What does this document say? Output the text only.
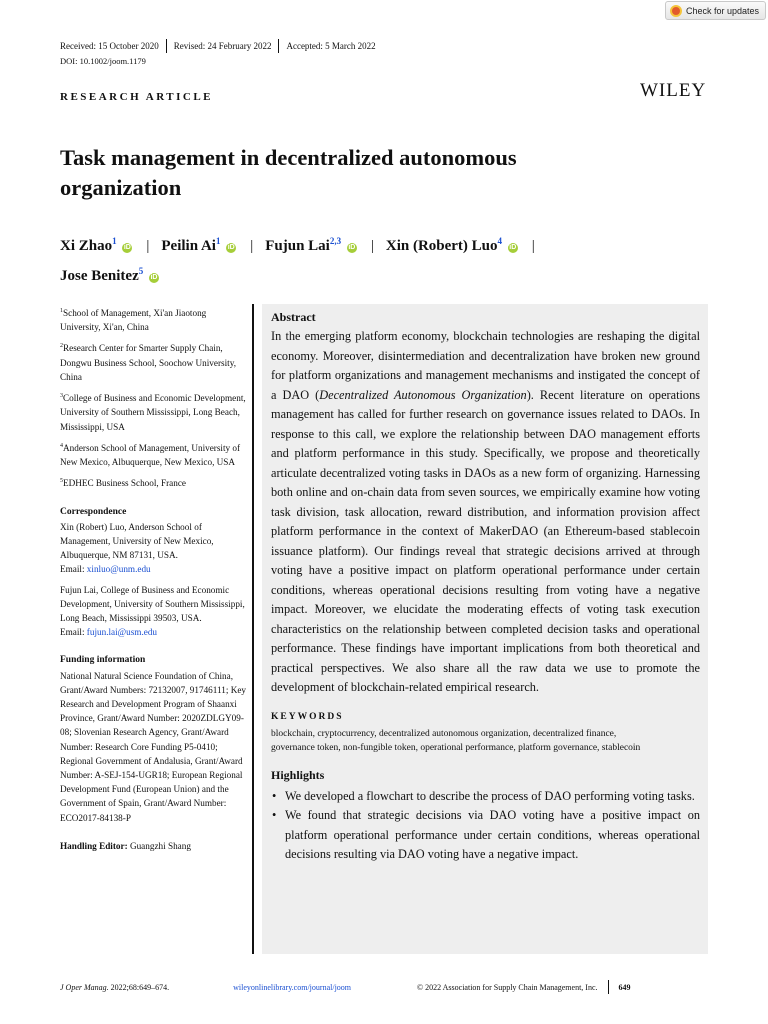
Check for updates
Received: 15 October 2020 Revised: 24 February 2022 Accepted: 5 March 2022
DOI: 10.1002/joom.1179
WILEY
RESEARCH ARTICLE
Task management in decentralized autonomous organization
Xi Zhao$^1$ iD | Peilin Ai$^1$ iD | Fujun Lai$^{2,3}$ iD | Xin (Robert) Luo$^4$ iD |
Jose Benitez$^5$ iD
$^1$School of Management, Xi'an Jiaotong University, Xi'an, China
$^2$Research Center for Smarter Supply Chain, Dongwu Business School, Soochow University, China
$^3$College of Business and Economic Development, University of Southern Mississippi, Long Beach, Mississippi, USA
$^4$Anderson School of Management, University of New Mexico, Albuquerque, New Mexico, USA
$^5$EDHEC Business School, France
Correspondence
Xin (Robert) Luo, Anderson School of Management, University of New Mexico, Albuquerque, NM 87131, USA.
Email: xinluo@unm.edu
Fujun Lai, College of Business and Economic Development, University of Southern Mississippi, Long Beach, Mississippi 39503, USA.
Email: fujun.lai@usm.edu
Funding information
National Natural Science Foundation of China, Grant/Award Numbers: 72132007, 91746111; Key Research and Development Program of Shaanxi Province, Grant/Award Number: 2020ZDLGY09-08; Slovenian Research Agency, Grant/Award Number: Research Core Funding P5-0410; Regional Government of Andalusia, Grant/Award Number: A-SEJ-154-UGR18; European Regional Development Fund (European Union) and the Government of Spain, Grant/Award Number: ECO2017-84138-P
Handling Editor: Guangzhi Shang
Abstract

In the emerging platform economy, blockchain technologies are reshaping the digital economy. Moreover, disintermediation and decentralization have broken new ground for platform organizations and management mechanisms and instigated the concept of a DAO (Decentralized Autonomous Organization). Recent literature on operations management has called for further research on governance issues related to DAOs. In response to this call, we explore the relationship between DAO management efforts and platform performance in this study. Specifically, we propose and theoretically articulate decentralized voting tasks in DAOs as a new form of organizing. Harnessing both online and on-chain data from seven sources, we empirically examine how voting task division, task allocation, reward distribution, and information provision affect platform performance in the context of MakerDAO (an Ethereum-based stablecoin issuance platform). Our findings reveal that strategic decisions arrived at through voting have a positive impact on platform operational performance under certain conditions, whereas operational decisions resulting from voting have a negative impact. Moreover, we elucidate the moderating effects of voting task execution characteristics on the relationship between completed decision tasks and operational performance. These findings have important implications from both theoretical and practical perspectives. We also share all the raw data we use to promote the development of blockchain-related empirical research.

KEYWORDS
blockchain, cryptocurrency, decentralized autonomous organization, decentralized finance, governance token, non-fungible token, operational performance, platform governance, stablecoin
Highlights
• We developed a flowchart to describe the process of DAO performing voting tasks.
• We found that strategic decisions via DAO voting have a positive impact on platform operational performance under certain conditions, whereas operational decisions resulting via DAO voting have a negative impact.
J Oper Manag. 2022;68:649–674.	wileyonlinelibrary.com/journal/joom	© 2022 Association for Supply Chain Management, Inc.	649
